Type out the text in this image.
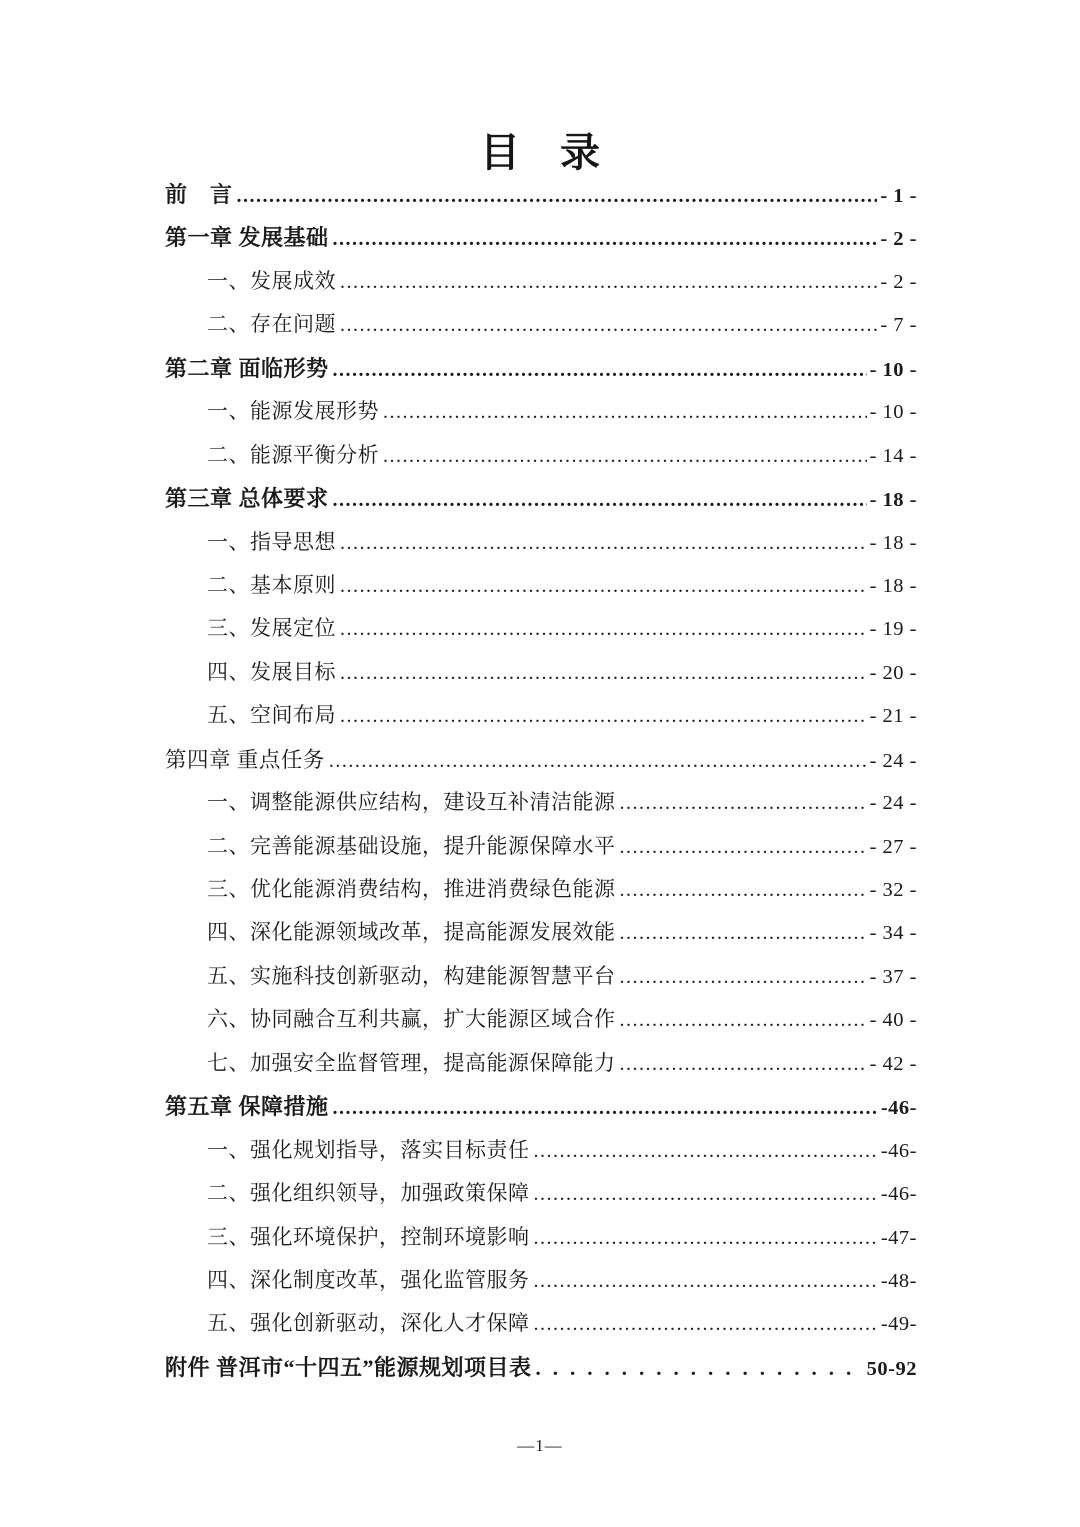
目　录
前　言 .....	- 1 -
第一章 发展基础 .....	- 2 -
一、发展成效 .....	- 2 -
二、存在问题 .....	- 7 -
第二章 面临形势 .....	- 10 -
一、能源发展形势 .....	- 10 -
二、能源平衡分析 .....	- 14 -
第三章 总体要求 .....	- 18 -
一、指导思想 .....	- 18 -
二、基本原则 .....	- 18 -
三、发展定位 .....	- 19 -
四、发展目标 .....	- 20 -
五、空间布局 .....	- 21 -
第四章 重点任务 .....	- 24 -
一、调整能源供应结构，建设互补清洁能源 .....	- 24 -
二、完善能源基础设施，提升能源保障水平 .....	- 27 -
三、优化能源消费结构，推进消费绿色能源 .....	- 32 -
四、深化能源领域改革，提高能源发展效能 .....	- 34 -
五、实施科技创新驱动，构建能源智慧平台 .....	- 37 -
六、协同融合互利共赢，扩大能源区域合作 .....	- 40 -
七、加强安全监督管理，提高能源保障能力 .....	- 42 -
第五章 保障措施 .....	-46-
一、强化规划指导，落实目标责任 .....	-46-
二、强化组织领导，加强政策保障 .....	-46-
三、强化环境保护，控制环境影响 .....	-47-
四、深化制度改革，强化监管服务 .....	-48-
五、强化创新驱动，深化人才保障 .....	-49-
附件 普洱市“十四五”能源规划项目表 .....	50-92
—1—
